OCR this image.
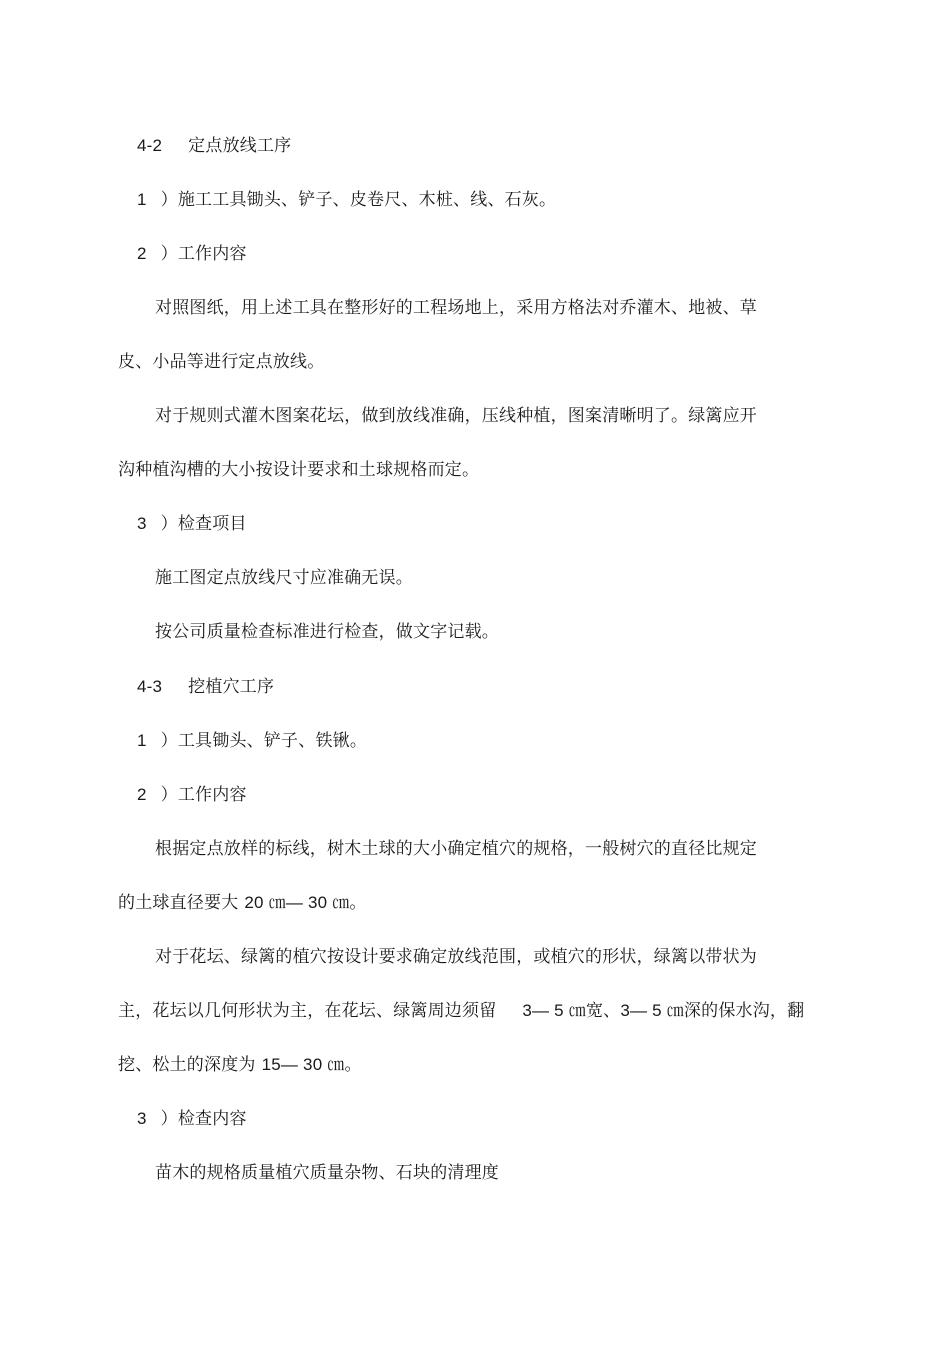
4-2 定点放线工序
1 ）施工工具锄头、铲子、皮卷尺、木桩、线、石灰。
2 ）工作内容
对照图纸，用上述工具在整形好的工程场地上，采用方格法对乔灌木、地被、草
皮、小品等进行定点放线。
对于规则式灌木图案花坛，做到放线准确，压线种植，图案清晰明了。绿篱应开
沟种植沟槽的大小按设计要求和土球规格而定。
3 ）检查项目
施工图定点放线尺寸应准确无误。
按公司质量检查标准进行检查，做文字记载。
4-3 挖植穴工序
1 ）工具锄头、铲子、铁锹。
2 ）工作内容
根据定点放样的标线，树木土球的大小确定植穴的规格，一般树穴的直径比规定
的土球直径要大 20 ㎝— 30 ㎝。
对于花坛、绿篱的植穴按设计要求确定放线范围，或植穴的形状，绿篱以带状为
主，花坛以几何形状为主，在花坛、绿篱周边须留 3— 5 ㎝宽、3— 5 ㎝深的保水沟，翻
挖、松土的深度为 15— 30 ㎝。
3 ）检查内容
苗木的规格质量植穴质量杂物、石块的清理度
